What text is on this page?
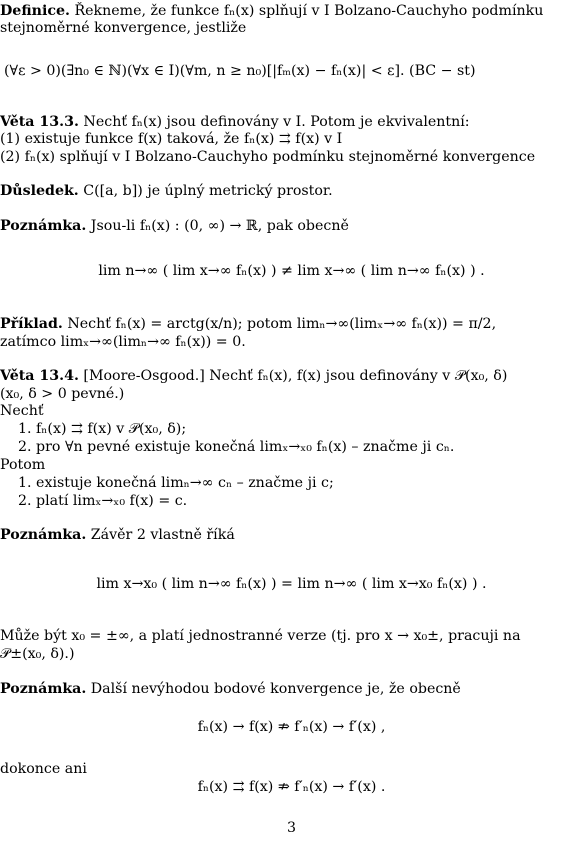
Definice. Řekneme, že funkce fₙ(x) splňují v I Bolzano-Cauchyho podmínku
stejnoměrné konvergence, jestliže
(∀ε > 0)(∃n₀ ∈ ℕ)(∀x ∈ I)(∀m, n ≥ n₀)[|fₘ(x) − fₙ(x)| < ε]. (BC − st)
Věta 13.3. Nechť fₙ(x) jsou definovány v I. Potom je ekvivalentní:
(1) existuje funkce f(x) taková, že fₙ(x) ⇉ f(x) v I
(2) fₙ(x) splňují v I Bolzano-Cauchyho podmínku stejnoměrné konvergence
Důsledek. C([a, b]) je úplný metrický prostor.
Poznámka. Jsou-li fₙ(x) : (0, ∞) → ℝ, pak obecně
lim n→∞ ( lim x→∞ fₙ(x) ) ≠ lim x→∞ ( lim n→∞ fₙ(x) ) .
Příklad. Nechť fₙ(x) = arctg(x/n); potom limₙ→∞(limₓ→∞ fₙ(x)) = π/2,
zatímco limₓ→∞(limₙ→∞ fₙ(x)) = 0.
Věta 13.4. [Moore-Osgood.] Nechť fₙ(x), f(x) jsou definovány v 𝒫(x₀, δ)
(x₀, δ > 0 pevné.)
Nechť
1. fₙ(x) ⇉ f(x) v 𝒫(x₀, δ);
2. pro ∀n pevné existuje konečná limₓ→ₓ₀ fₙ(x) – značme ji cₙ.
Potom
1. existuje konečná limₙ→∞ cₙ – značme ji c;
2. platí limₓ→ₓ₀ f(x) = c.
Poznámka. Závěr 2 vlastně říká
lim x→x₀ ( lim n→∞ fₙ(x) ) = lim n→∞ ( lim x→x₀ fₙ(x) ) .
Může být x₀ = ±∞, a platí jednostranné verze (tj. pro x → x₀±, pracuji na
𝒫±(x₀, δ).)
Poznámka. Další nevýhodou bodové konvergence je, že obecně
fₙ(x) → f(x) ⇏ f′ₙ(x) → f′(x) ,
dokonce ani
fₙ(x) ⇉ f(x) ⇏ f′ₙ(x) → f′(x) .
3
